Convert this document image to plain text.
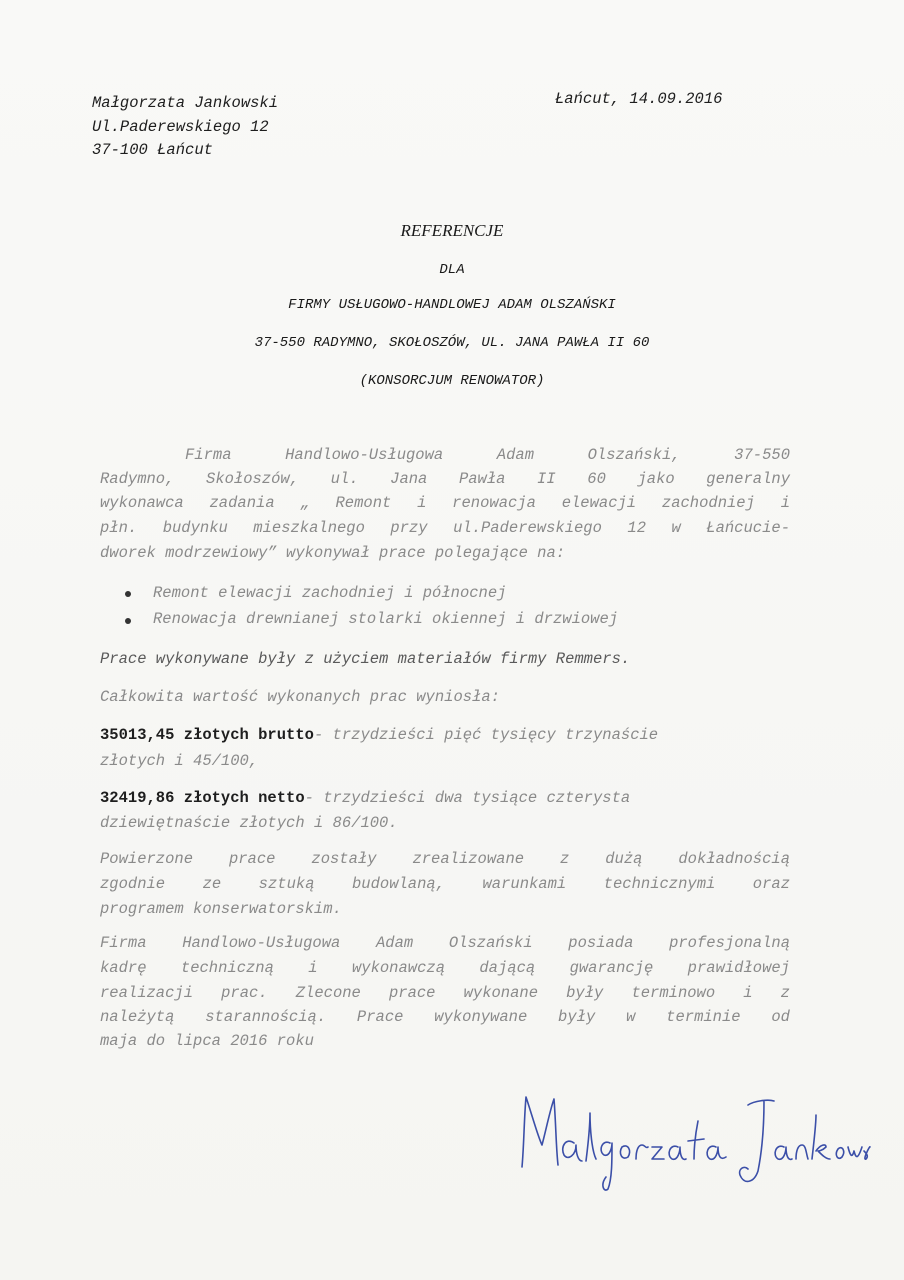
Małgorzata Jankowski
Ul.Paderewskiego 12
37-100 Łańcut
Łańcut, 14.09.2016
REFERENCJE
DLA
FIRMY USŁUGOWO-HANDLOWEJ ADAM OLSZAŃSKI
37-550 RADYMNO, SKOŁOSZÓW, UL. JANA PAWŁA II 60
(KONSORCJUM RENOWATOR)
Firma Handlowo-Usługowa Adam Olszański, 37-550
Radymno, Skołoszów, ul. Jana Pawła II 60 jako generalny
wykonawca zadania „ Remont i renowacja elewacji zachodniej i
płn. budynku mieszkalnego przy ul.Paderewskiego 12 w Łańcucie-
dworek modrzewiowy” wykonywał prace polegające na:
Remont elewacji zachodniej i północnej
Renowacja drewnianej stolarki okiennej i drzwiowej
Prace wykonywane były z użyciem materiałów firmy Remmers.
Całkowita wartość wykonanych prac wyniosła:
35013,45 złotych brutto- trzydzieści pięć tysięcy trzynaście
złotych i 45/100,
32419,86 złotych netto- trzydzieści dwa tysiące czterysta
dziewiętnaście złotych i 86/100.
Powierzone prace zostały zrealizowane z dużą dokładnością
zgodnie ze sztuką budowlaną, warunkami technicznymi oraz
programem konserwatorskim.
Firma Handlowo-Usługowa Adam Olszański posiada profesjonalną
kadrę techniczną i wykonawczą dającą gwarancję prawidłowej
realizacji prac. Zlecone prace wykonane były terminowo i z
należytą starannością. Prace wykonywane były w terminie od
maja do lipca 2016 roku
